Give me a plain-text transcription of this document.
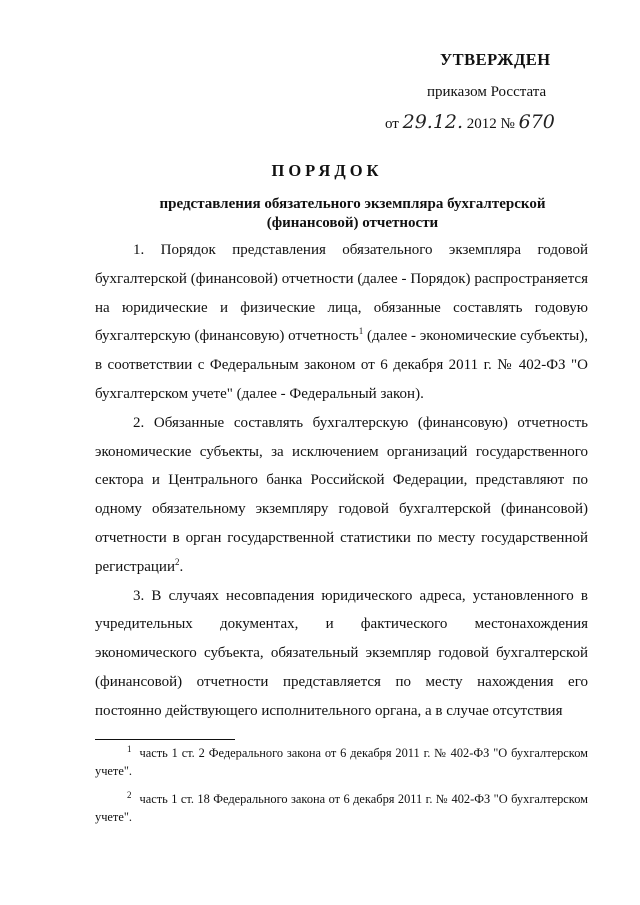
УТВЕРЖДЕН
приказом Росстата
от 29.12. 2012 № 670
ПОРЯДОК
представления обязательного экземпляра бухгалтерской
(финансовой) отчетности

1. Порядок представления обязательного экземпляра годовой бухгалтерской (финансовой) отчетности (далее - Порядок) распространяется на юридические и физические лица, обязанные составлять годовую бухгалтерскую (финансовую) отчетность$^1$ (далее - экономические субъекты), в соответствии с Федеральным законом от 6 декабря 2011 г. № 402-ФЗ "О бухгалтерском учете" (далее - Федеральный закон).

2. Обязанные составлять бухгалтерскую (финансовую) отчетность экономические субъекты, за исключением организаций государственного сектора и Центрального банка Российской Федерации, представляют по одному обязательному экземпляру годовой бухгалтерской (финансовой) отчетности в орган государственной статистики по месту государственной регистрации$^2$.

3. В случаях несовпадения юридического адреса, установленного в учредительных документах, и фактического местонахождения экономического субъекта, обязательный экземпляр годовой бухгалтерской (финансовой) отчетности представляется по месту нахождения его постоянно действующего исполнительного органа, а в случае отсутствия

$^1$ часть 1 ст. 2 Федерального закона от 6 декабря 2011 г. № 402-ФЗ "О бухгалтерском учете".

$^2$ часть 1 ст. 18 Федерального закона от 6 декабря 2011 г. № 402-ФЗ "О бухгалтерском учете".
